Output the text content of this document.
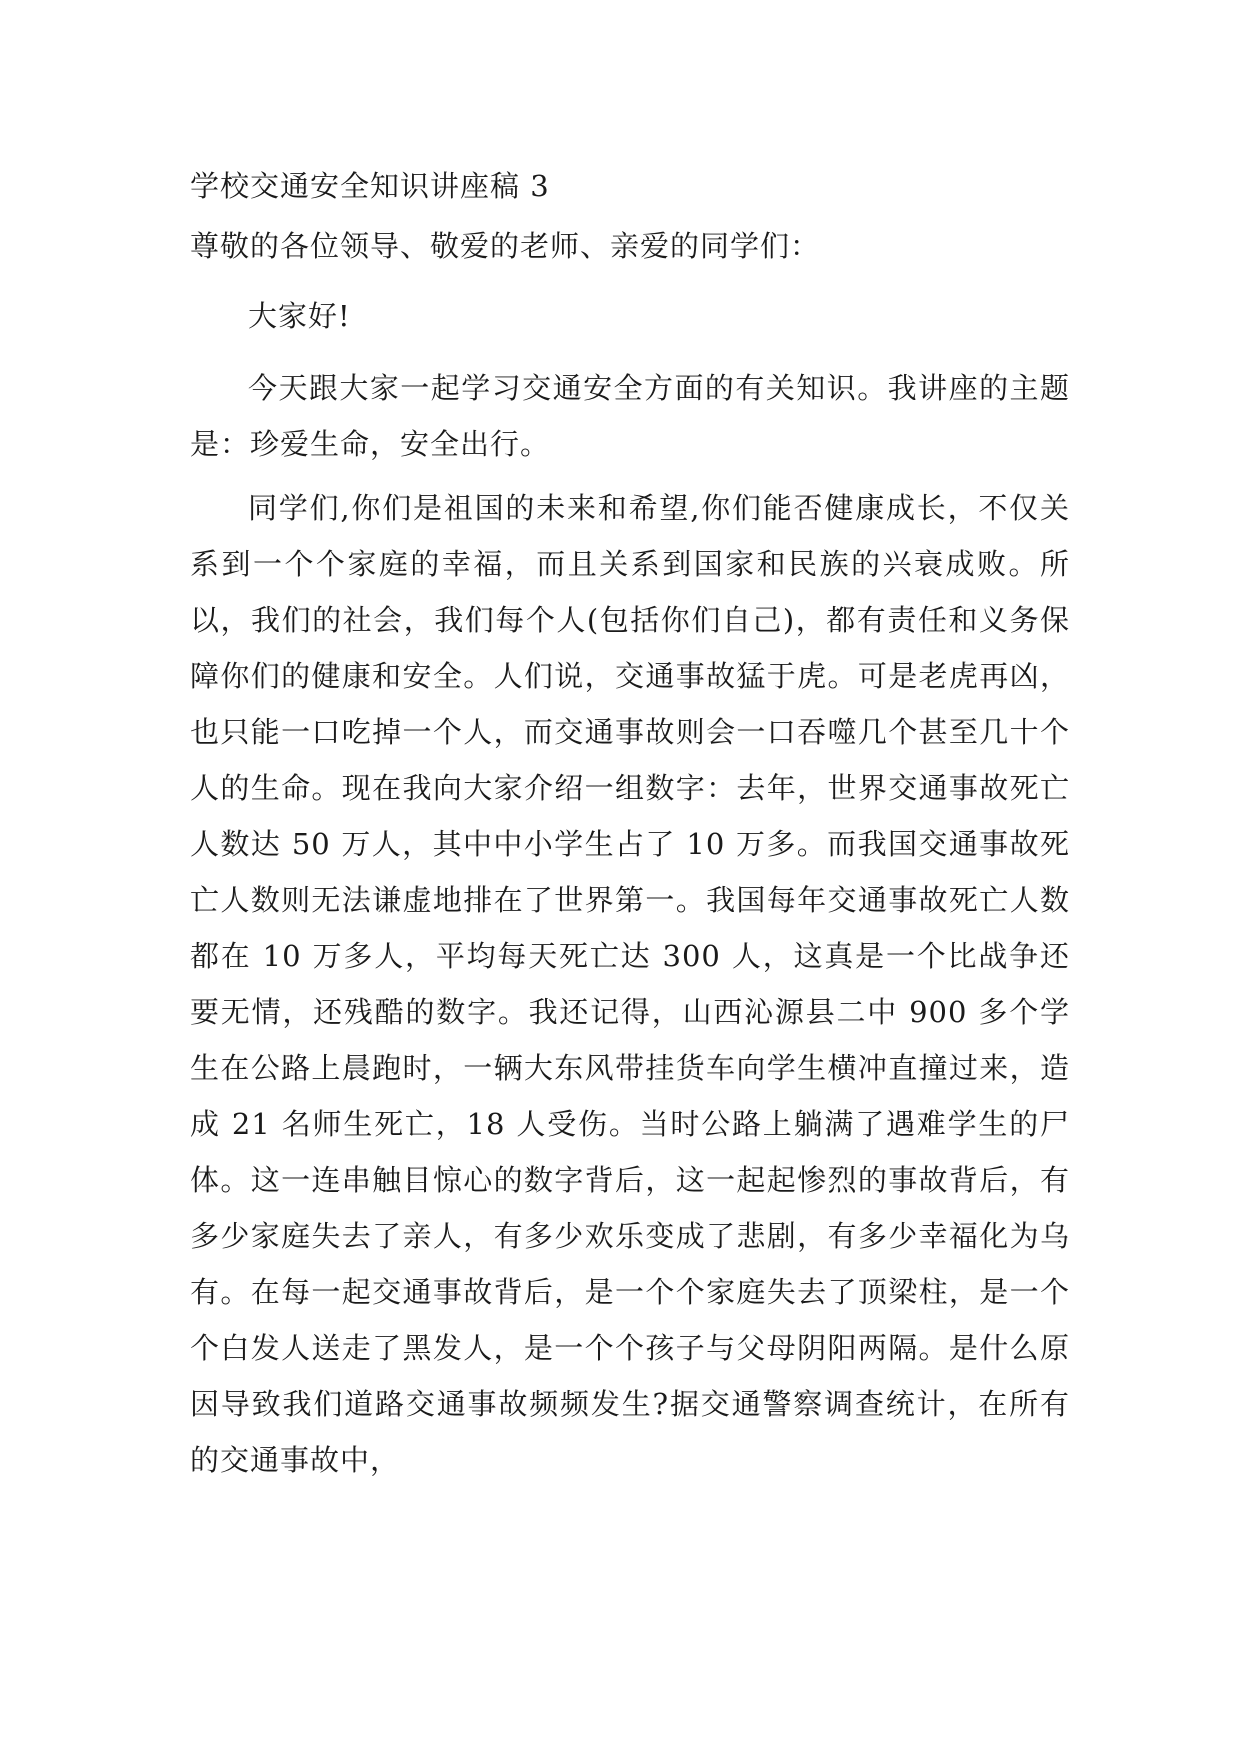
学校交通安全知识讲座稿 3
尊敬的各位领导、敬爱的老师、亲爱的同学们：

大家好!

今天跟大家一起学习交通安全方面的有关知识。我讲座的主题是：珍爱生命，安全出行。

同学们,你们是祖国的未来和希望,你们能否健康成长，不仅关系到一个个家庭的幸福，而且关系到国家和民族的兴衰成败。所以，我们的社会，我们每个人(包括你们自己)，都有责任和义务保障你们的健康和安全。人们说，交通事故猛于虎。可是老虎再凶，也只能一口吃掉一个人，而交通事故则会一口吞噬几个甚至几十个人的生命。现在我向大家介绍一组数字：去年，世界交通事故死亡人数达 50 万人，其中中小学生占了 10 万多。而我国交通事故死亡人数则无法谦虚地排在了世界第一。我国每年交通事故死亡人数都在 10 万多人，平均每天死亡达 300 人，这真是一个比战争还要无情，还残酷的数字。我还记得，山西沁源县二中 900 多个学生在公路上晨跑时，一辆大东风带挂货车向学生横冲直撞过来，造成 21 名师生死亡，18 人受伤。当时公路上躺满了遇难学生的尸体。这一连串触目惊心的数字背后，这一起起惨烈的事故背后，有多少家庭失去了亲人，有多少欢乐变成了悲剧，有多少幸福化为乌有。在每一起交通事故背后，是一个个家庭失去了顶梁柱，是一个个白发人送走了黑发人，是一个个孩子与父母阴阳两隔。是什么原因导致我们道路交通事故频频发生?据交通警察调查统计，在所有的交通事故中，
